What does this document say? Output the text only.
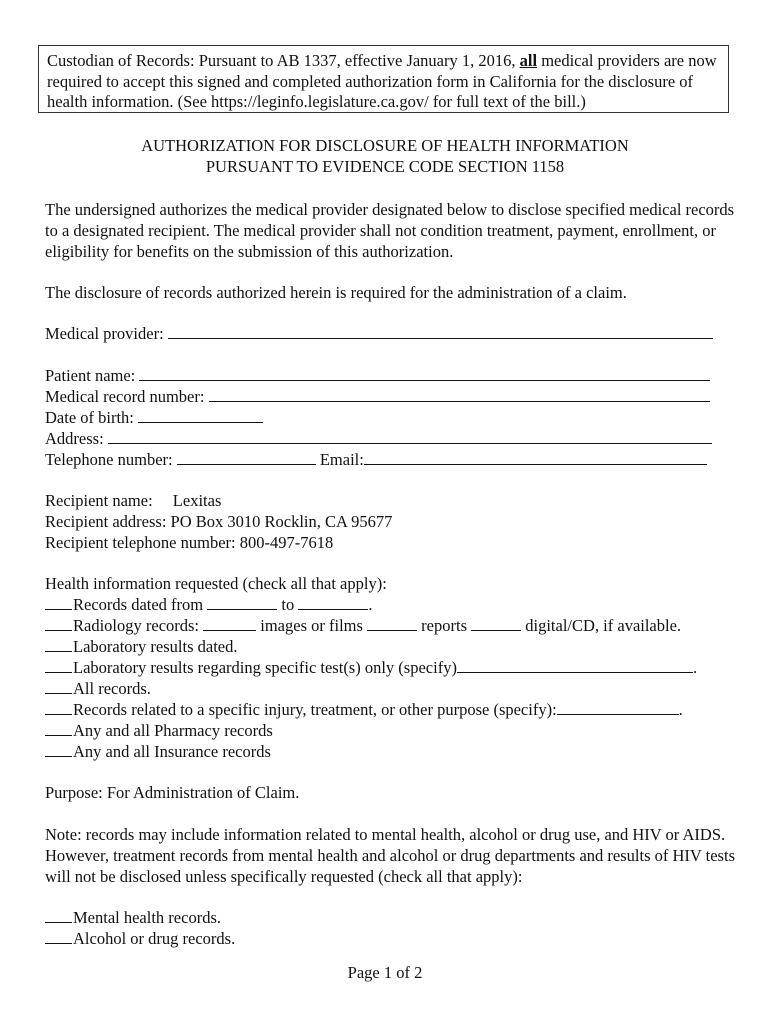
Custodian of Records: Pursuant to AB 1337, effective January 1, 2016, all medical providers are now required to accept this signed and completed authorization form in California for the disclosure of health information. (See https://leginfo.legislature.ca.gov/ for full text of the bill.)
AUTHORIZATION FOR DISCLOSURE OF HEALTH INFORMATION
PURSUANT TO EVIDENCE CODE SECTION 1158
The undersigned authorizes the medical provider designated below to disclose specified medical records to a designated recipient. The medical provider shall not condition treatment, payment, enrollment, or eligibility for benefits on the submission of this authorization.
The disclosure of records authorized herein is required for the administration of a claim.
Medical provider:
Patient name:
Medical record number:
Date of birth:
Address:
Telephone number:	Email:
Recipient name: Lexitas
Recipient address: PO Box 3010 Rocklin, CA 95677
Recipient telephone number: 800-497-7618
Health information requested (check all that apply):
Records dated from	to	.
Radiology records:	images or films	reports	digital/CD, if available.
Laboratory results dated.
Laboratory results regarding specific test(s) only (specify)	.
All records.
Records related to a specific injury, treatment, or other purpose (specify):	.
Any and all Pharmacy records
Any and all Insurance records
Purpose: For Administration of Claim.
Note: records may include information related to mental health, alcohol or drug use, and HIV or AIDS. However, treatment records from mental health and alcohol or drug departments and results of HIV tests will not be disclosed unless specifically requested (check all that apply):
Mental health records.
Alcohol or drug records.
Page 1 of 2
